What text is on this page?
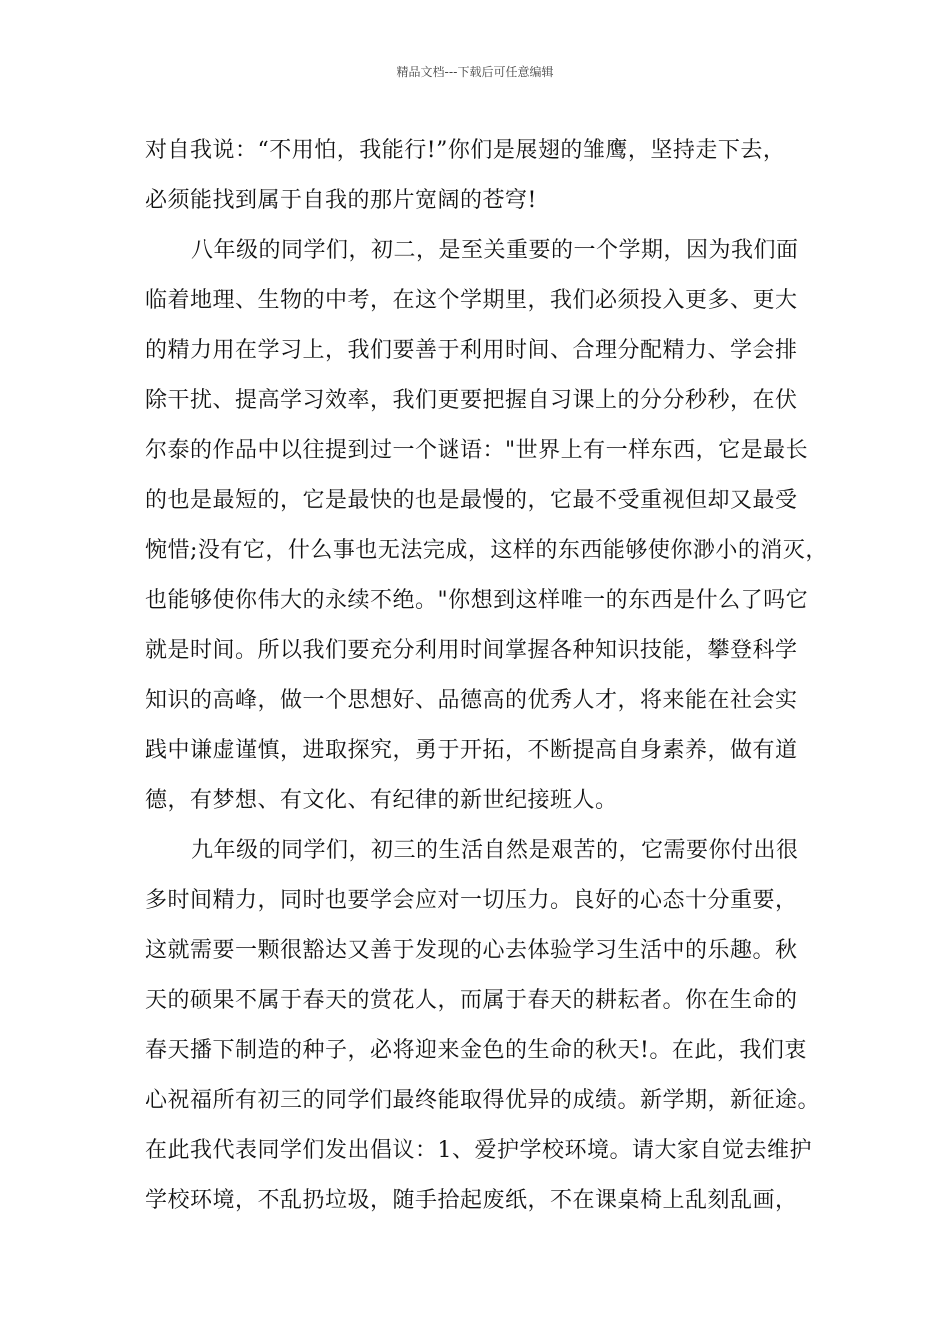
精品文档---下载后可任意编辑
对自我说：“不用怕，我能行!”你们是展翅的雏鹰，坚持走下去，
必须能找到属于自我的那片宽阔的苍穹!
八年级的同学们，初二，是至关重要的一个学期，因为我们面
临着地理、生物的中考，在这个学期里，我们必须投入更多、更大
的精力用在学习上，我们要善于利用时间、合理分配精力、学会排
除干扰、提高学习效率，我们更要把握自习课上的分分秒秒，在伏
尔泰的作品中以往提到过一个谜语："世界上有一样东西，它是最长
的也是最短的，它是最快的也是最慢的，它最不受重视但却又最受
惋惜;没有它，什么事也无法完成，这样的东西能够使你渺小的消灭，
也能够使你伟大的永续不绝。"你想到这样唯一的东西是什么了吗它
就是时间。所以我们要充分利用时间掌握各种知识技能，攀登科学
知识的高峰，做一个思想好、品德高的优秀人才，将来能在社会实
践中谦虚谨慎，进取探究，勇于开拓，不断提高自身素养，做有道
德，有梦想、有文化、有纪律的新世纪接班人。
九年级的同学们，初三的生活自然是艰苦的，它需要你付出很
多时间精力，同时也要学会应对一切压力。良好的心态十分重要，
这就需要一颗很豁达又善于发现的心去体验学习生活中的乐趣。秋
天的硕果不属于春天的赏花人，而属于春天的耕耘者。你在生命的
春天播下制造的种子，必将迎来金色的生命的秋天!。在此，我们衷
心祝福所有初三的同学们最终能取得优异的成绩。新学期，新征途。
在此我代表同学们发出倡议：1、爱护学校环境。请大家自觉去维护
学校环境，不乱扔垃圾，随手拾起废纸，不在课桌椅上乱刻乱画，
